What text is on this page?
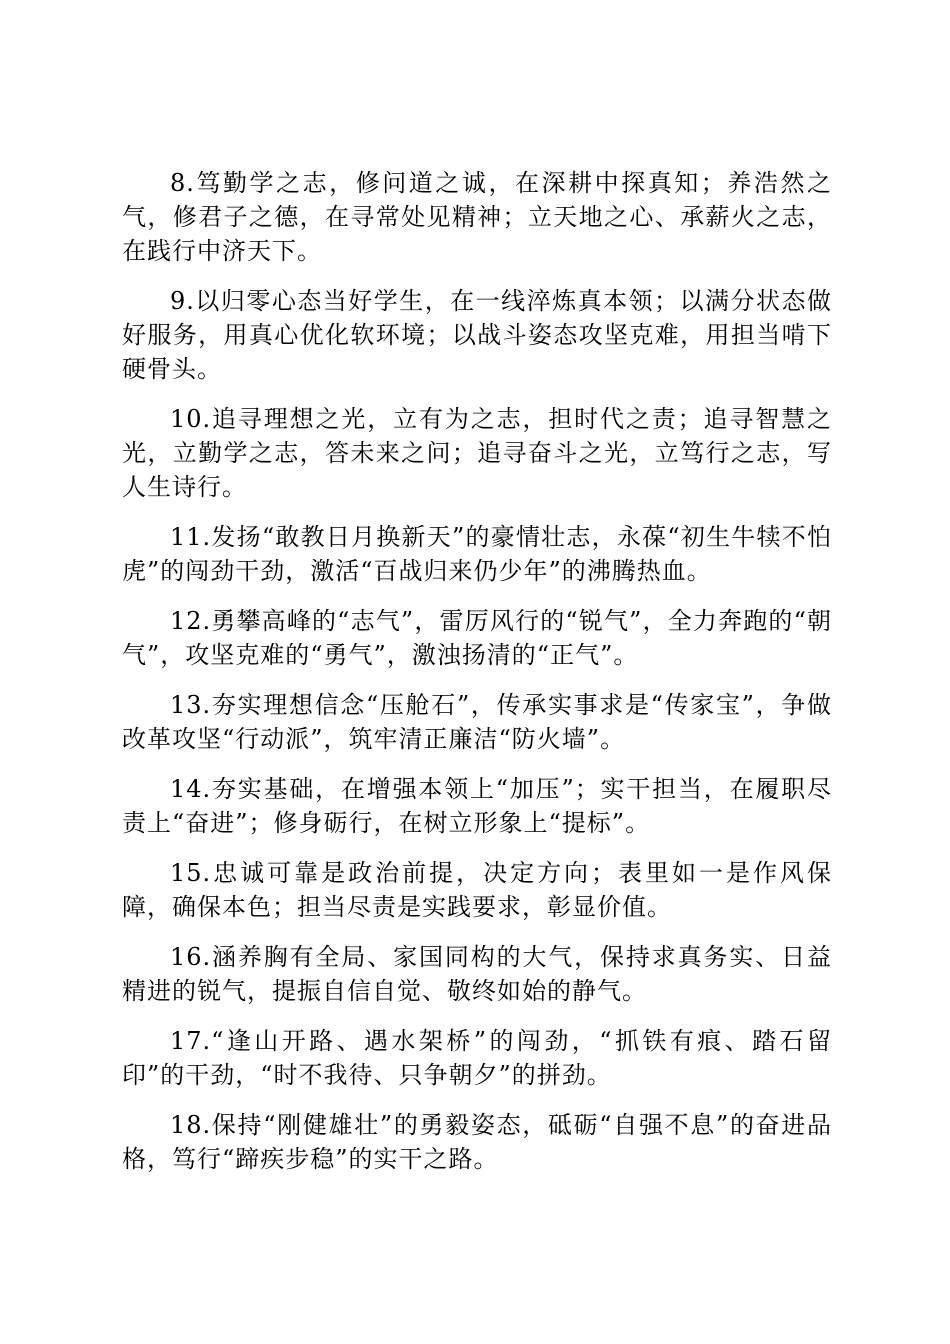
8.笃勤学之志，修问道之诚，在深耕中探真知；养浩然之气，修君子之德，在寻常处见精神；立天地之心、承薪火之志，在践行中济天下。

9.以归零心态当好学生，在一线淬炼真本领；以满分状态做好服务，用真心优化软环境；以战斗姿态攻坚克难，用担当啃下硬骨头。

10.追寻理想之光，立有为之志，担时代之责；追寻智慧之光，立勤学之志，答未来之问；追寻奋斗之光，立笃行之志，写人生诗行。

11.发扬“敢教日月换新天”的豪情壮志，永葆“初生牛犊不怕虎”的闯劲干劲，激活“百战归来仍少年”的沸腾热血。

12.勇攀高峰的“志气”，雷厉风行的“锐气”，全力奔跑的“朝气”，攻坚克难的“勇气”，激浊扬清的“正气”。

13.夯实理想信念“压舱石”，传承实事求是“传家宝”，争做改革攻坚“行动派”，筑牢清正廉洁“防火墙”。

14.夯实基础，在增强本领上“加压”；实干担当，在履职尽责上“奋进”；修身砺行，在树立形象上“提标”。

15.忠诚可靠是政治前提，决定方向；表里如一是作风保障，确保本色；担当尽责是实践要求，彰显价值。

16.涵养胸有全局、家国同构的大气，保持求真务实、日益精进的锐气，提振自信自觉、敬终如始的静气。

17.“逢山开路、遇水架桥”的闯劲，“抓铁有痕、踏石留印”的干劲，“时不我待、只争朝夕”的拼劲。

18.保持“刚健雄壮”的勇毅姿态，砥砺“自强不息”的奋进品格，笃行“蹄疾步稳”的实干之路。
